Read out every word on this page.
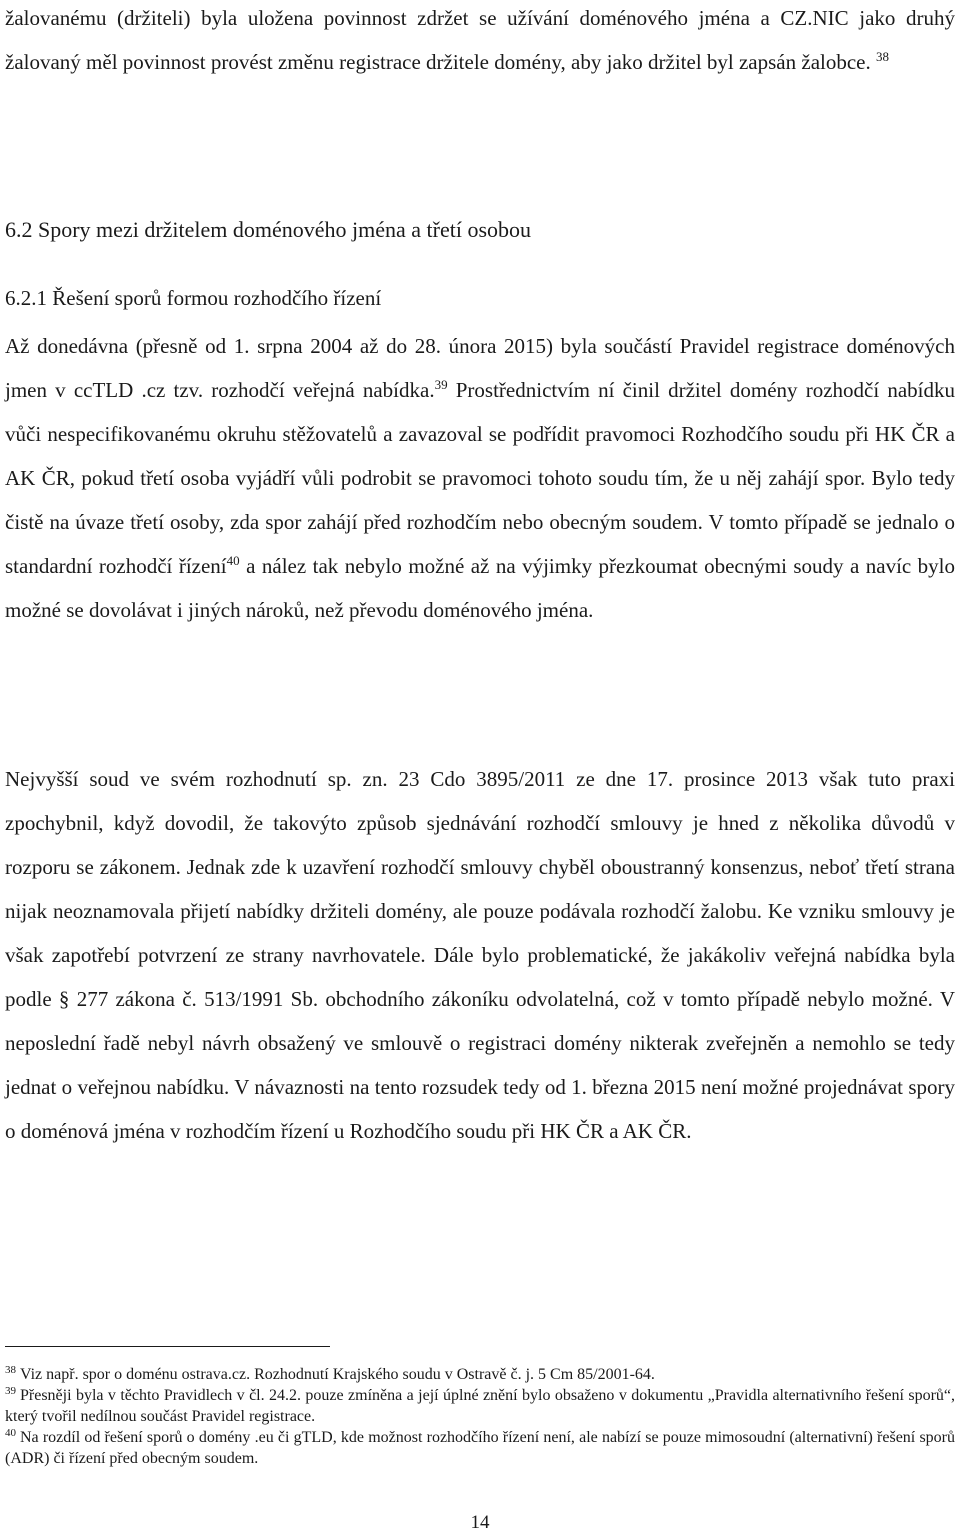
žalovanému (držiteli) byla uložena povinnost zdržet se užívání doménového jména a CZ.NIC jako druhý žalovaný měl povinnost provést změnu registrace držitele domény, aby jako držitel byl zapsán žalobce. $^{38}$

6.2 Spory mezi držitelem doménového jména a třetí osobou
6.2.1 Řešení sporů formou rozhodčího řízení

Až donedávna (přesně od 1. srpna 2004 až do 28. února 2015) byla součástí Pravidel registrace doménových jmen v ccTLD .cz tzv. rozhodčí veřejná nabídka.$^{39}$ Prostřednictvím ní činil držitel domény rozhodčí nabídku vůči nespecifikovanému okruhu stěžovatelů a zavazoval se podřídit pravomoci Rozhodčího soudu při HK ČR a AK ČR, pokud třetí osoba vyjádří vůli podrobit se pravomoci tohoto soudu tím, že u něj zahájí spor. Bylo tedy čistě na úvaze třetí osoby, zda spor zahájí před rozhodčím nebo obecným soudem. V tomto případě se jednalo o standardní rozhodčí řízení$^{40}$ a nález tak nebylo možné až na výjimky přezkoumat obecnými soudy a navíc bylo možné se dovolávat i jiných nároků, než převodu doménového jména.

Nejvyšší soud ve svém rozhodnutí sp. zn. 23 Cdo 3895/2011 ze dne 17. prosince 2013 však tuto praxi zpochybnil, když dovodil, že takovýto způsob sjednávání rozhodčí smlouvy je hned z několika důvodů v rozporu se zákonem. Jednak zde k uzavření rozhodčí smlouvy chyběl oboustranný konsenzus, neboť třetí strana nijak neoznamovala přijetí nabídky držiteli domény, ale pouze podávala rozhodčí žalobu. Ke vzniku smlouvy je však zapotřebí potvrzení ze strany navrhovatele. Dále bylo problematické, že jakákoliv veřejná nabídka byla podle § 277 zákona č. 513/1991 Sb. obchodního zákoníku odvolatelná, což v tomto případě nebylo možné. V neposlední řadě nebyl návrh obsažený ve smlouvě o registraci domény nikterak zveřejněn a nemohlo se tedy jednat o veřejnou nabídku. V návaznosti na tento rozsudek tedy od 1. března 2015 není možné projednávat spory o doménová jména v rozhodčím řízení u Rozhodčího soudu při HK ČR a AK ČR.

$^{38}$ Viz např. spor o doménu ostrava.cz. Rozhodnutí Krajského soudu v Ostravě č. j. 5 Cm 85/2001-64.

$^{39}$ Přesněji byla v těchto Pravidlech v čl. 24.2. pouze zmíněna a její úplné znění bylo obsaženo v dokumentu „Pravidla alternativního řešení sporů“, který tvořil nedílnou součást Pravidel registrace.

$^{40}$ Na rozdíl od řešení sporů o domény .eu či gTLD, kde možnost rozhodčího řízení není, ale nabízí se pouze mimosoudní (alternativní) řešení sporů (ADR) či řízení před obecným soudem.

14
